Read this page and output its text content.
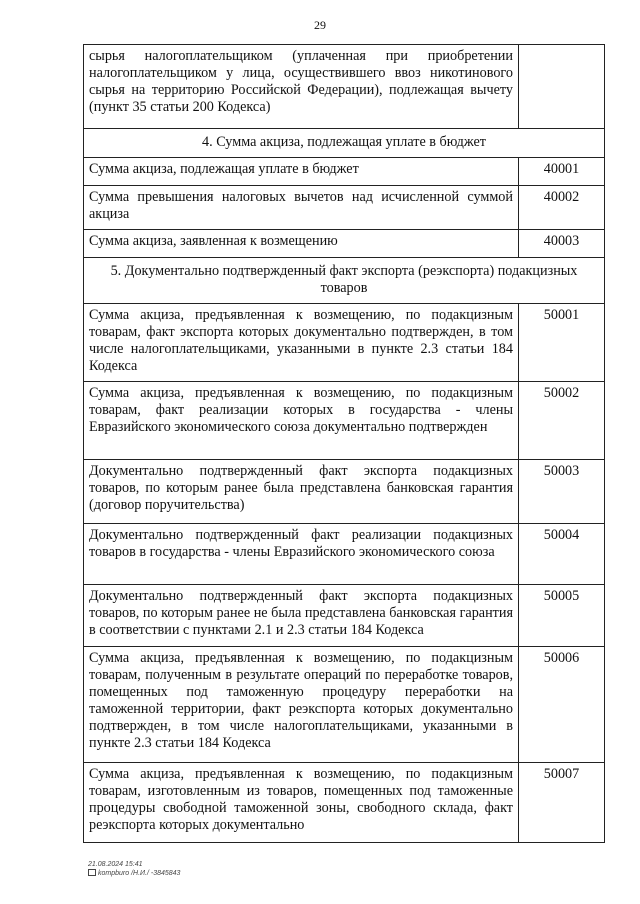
29
сырья налогоплательщиком (уплаченная при приобретении налогоплательщиком у лица, осуществившего ввоз никотинового сырья на территорию Российской Федерации), подлежащая вычету (пункт 35 статьи 200 Кодекса)	
4. Сумма акциза, подлежащая уплате в бюджет	
Сумма акциза, подлежащая уплате в бюджет	40001
Сумма превышения налоговых вычетов над исчисленной суммой акциза	40002
Сумма акциза, заявленная к возмещению	40003
5. Документально подтвержденный факт экспорта (реэкспорта) подакцизных товаров	
Сумма акциза, предъявленная к возмещению, по подакцизным товарам, факт экспорта которых документально подтвержден, в том числе налогоплательщиками, указанными в пункте 2.3 статьи 184 Кодекса	50001
Сумма акциза, предъявленная к возмещению, по подакцизным товарам, факт реализации которых в государства - члены Евразийского экономического союза документально подтвержден	50002
Документально подтвержденный факт экспорта подакцизных товаров, по которым ранее была представлена банковская гарантия (договор поручительства)	50003
Документально подтвержденный факт реализации подакцизных товаров в государства - члены Евразийского экономического союза	50004
Документально подтвержденный факт экспорта подакцизных товаров, по которым ранее не была представлена банковская гарантия в соответствии с пунктами 2.1 и 2.3 статьи 184 Кодекса	50005
Сумма акциза, предъявленная к возмещению, по подакцизным товарам, полученным в результате операций по переработке товаров, помещенных под таможенную процедуру переработки на таможенной территории, факт реэкспорта которых документально подтвержден, в том числе налогоплательщиками, указанными в пункте 2.3 статьи 184 Кодекса	50006
Сумма акциза, предъявленная к возмещению, по подакцизным товарам, изготовленным из товаров, помещенных под таможенные процедуры свободной таможенной зоны, свободного склада, факт реэкспорта которых документально	50007
21.08.2024 15:41
kompburo /Н.И./ -3845843
